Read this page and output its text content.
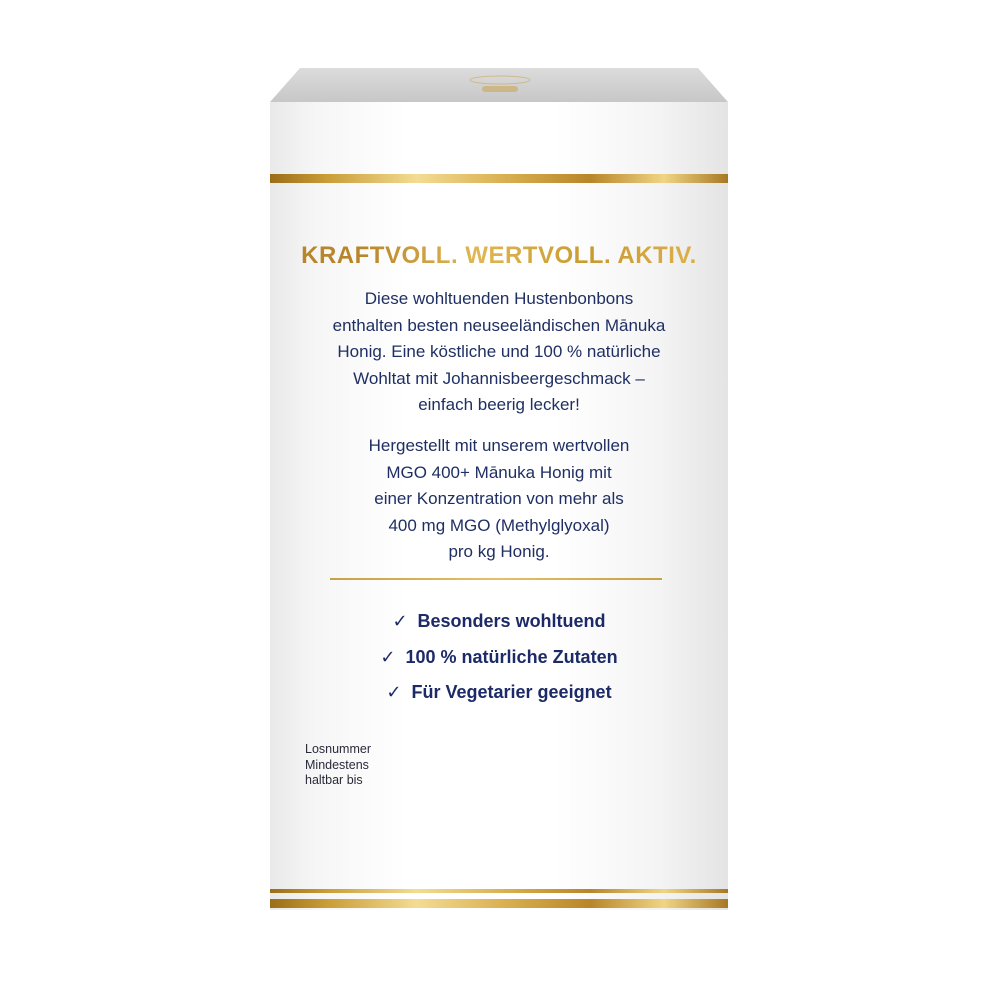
KRAFTVOLL. WERTVOLL. AKTIV.
Diese wohltuenden Hustenbonbons
enthalten besten neuseeländischen Mānuka
Honig. Eine köstliche und 100 % natürliche
Wohltat mit Johannisbeergeschmack –
einfach beerig lecker!
Hergestellt mit unserem wertvollen
MGO 400+ Mānuka Honig mit
einer Konzentration von mehr als
400 mg MGO (Methylglyoxal)
pro kg Honig.
✓ Besonders wohltuend
✓ 100 % natürliche Zutaten
✓ Für Vegetarier geeignet
Losnummer
Mindestens
haltbar bis
